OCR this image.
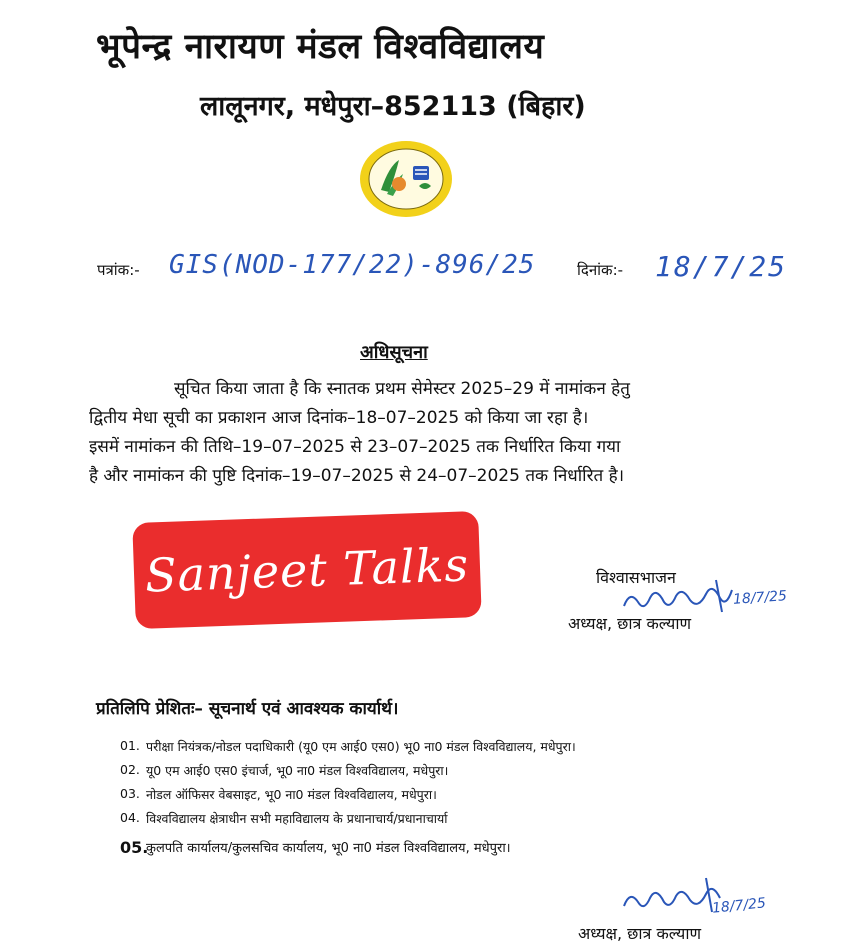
भूपेन्द्र नारायण मंडल विश्वविद्यालय
लालूनगर, मधेपुरा–852113 (बिहार)
पत्रांक:- GIS(NOD-177/22)-896/25	दिनांक:- 18/7/25
अधिसूचना
सूचित किया जाता है कि स्नातक प्रथम सेमेस्टर 2025–29 में नामांकन हेतु
द्वितीय मेधा सूची का प्रकाशन आज दिनांक–18–07–2025 को किया जा रहा है।
इसमें नामांकन की तिथि–19–07–2025 से 23–07–2025 तक निर्धारित किया गया
है और नामांकन की पुष्टि दिनांक–19–07–2025 से 24–07–2025 तक निर्धारित है।
Sanjeet Talks	विश्वासभाजन
18/7/25
अध्यक्ष, छात्र कल्याण
प्रतिलिपि प्रेशितः– सूचनार्थ एवं आवश्यक कार्यार्थ।
01. परीक्षा नियंत्रक/नोडल पदाधिकारी (यू0 एम आई0 एस0) भू0 ना0 मंडल विश्वविद्यालय, मधेपुरा।
02. यू0 एम आई0 एस0 इंचार्ज, भू0 ना0 मंडल विश्वविद्यालय, मधेपुरा।
03. नोडल ऑफिसर वेबसाइट, भू0 ना0 मंडल विश्वविद्यालय, मधेपुरा।
04. विश्वविद्यालय क्षेत्राधीन सभी महाविद्यालय के प्रधानाचार्य/प्रधानाचार्या
05.
कुलपति कार्यालय/कुलसचिव कार्यालय, भू0 ना0 मंडल विश्वविद्यालय, मधेपुरा।
18/7/25
अध्यक्ष, छात्र कल्याण
